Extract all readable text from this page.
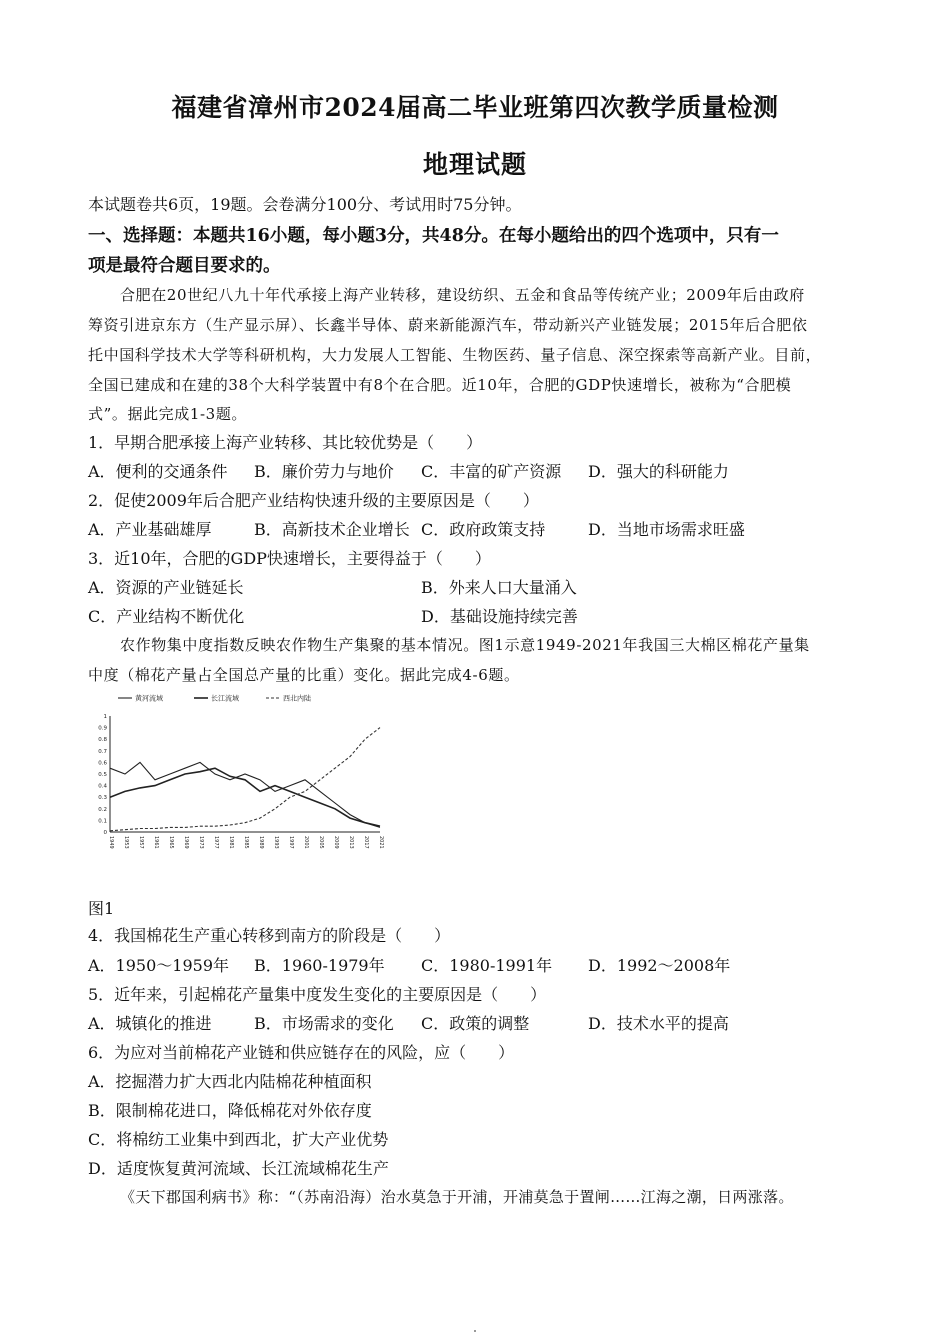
福建省漳州市2024届高二毕业班第四次教学质量检测
地理试题
本试题卷共6页，19题。会卷满分100分、考试用时75分钟。
一、选择题：本题共16小题，每小题3分，共48分。在每小题给出的四个选项中，只有一
项是最符合题目要求的。
合肥在20世纪八九十年代承接上海产业转移，建设纺织、五金和食品等传统产业；2009年后由政府
筹资引进京东方（生产显示屏）、长鑫半导体、蔚来新能源汽车，带动新兴产业链发展；2015年后合肥依
托中国科学技术大学等科研机构，大力发展人工智能、生物医药、量子信息、深空探索等高新产业。目前，
全国已建成和在建的38个大科学装置中有8个在合肥。近10年，合肥的GDP快速增长，被称为“合肥模
式”。据此完成1-3题。
1．早期合肥承接上海产业转移、其比较优势是（　　）
A．便利的交通条件 B．廉价劳力与地价 C．丰富的矿产资源 D．强大的科研能力
2．促使2009年后合肥产业结构快速升级的主要原因是（　　）
A．产业基础雄厚	B．高新技术企业增长 C．政府政策支持	D．当地市场需求旺盛
3．近10年，合肥的GDP快速增长，主要得益于（　　）
A．资源的产业链延长	B．外来人口大量涌入
C．产业结构不断优化	D．基础设施持续完善
农作物集中度指数反映农作物生产集聚的基本情况。图1示意1949-2021年我国三大棉区棉花产量集
中度（棉花产量占全国总产量的比重）变化。据此完成4-6题。
黄河流域	长江流域	西北内陆
1
0.9
0.8
0.7
0.6
0.5
0.4
0.3
0.2
0.1
0
1949 1953 1957 1961 1965 1969 1973 1977 1981 1985 1989 1993 1997 2001 2005 2009 2013 2017 2021
图1
4．我国棉花生产重心转移到南方的阶段是（　　）
A．1950～1959年 B．1960-1979年 C．1980-1991年 D．1992～2008年
5．近年来，引起棉花产量集中度发生变化的主要原因是（　　）
A．城镇化的推进	B．市场需求的变化 C．政策的调整	D．技术水平的提高
6．为应对当前棉花产业链和供应链存在的风险，应（　　）
A．挖掘潜力扩大西北内陆棉花种植面积
B．限制棉花进口，降低棉花对外依存度
C．将棉纺工业集中到西北，扩大产业优势
D．适度恢复黄河流域、长江流域棉花生产
《天下郡国利病书》称：“（苏南沿海）治水莫急于开浦，开浦莫急于置闸……江海之潮，日两涨落。
